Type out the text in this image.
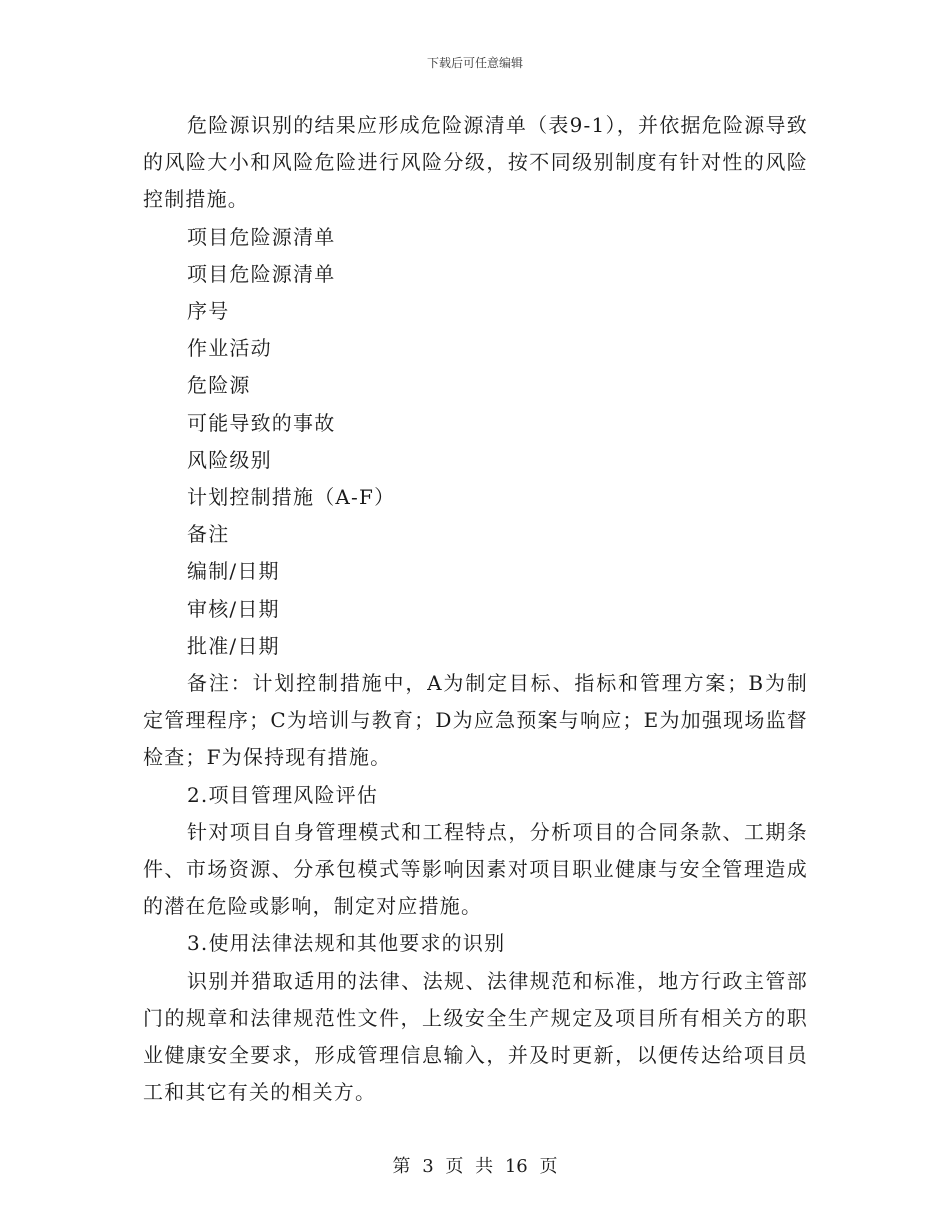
下载后可任意编辑

危险源识别的结果应形成危险源清单（表9-1），并依据危险源导致的风险大小和风险危险进行风险分级，按不同级别制度有针对性的风险控制措施。

项目危险源清单

项目危险源清单

序号

作业活动

危险源

可能导致的事故

风险级别

计划控制措施（A-F）

备注

编制/日期

审核/日期

批准/日期

备注：计划控制措施中，A为制定目标、指标和管理方案；B为制定管理程序；C为培训与教育；D为应急预案与响应；E为加强现场监督检查；F为保持现有措施。

2.项目管理风险评估

针对项目自身管理模式和工程特点，分析项目的合同条款、工期条件、市场资源、分承包模式等影响因素对项目职业健康与安全管理造成的潜在危险或影响，制定对应措施。

3.使用法律法规和其他要求的识别

识别并猎取适用的法律、法规、法律规范和标准，地方行政主管部门的规章和法律规范性文件，上级安全生产规定及项目所有相关方的职业健康安全要求，形成管理信息输入，并及时更新，以便传达给项目员工和其它有关的相关方。

第 3 页 共 16 页
